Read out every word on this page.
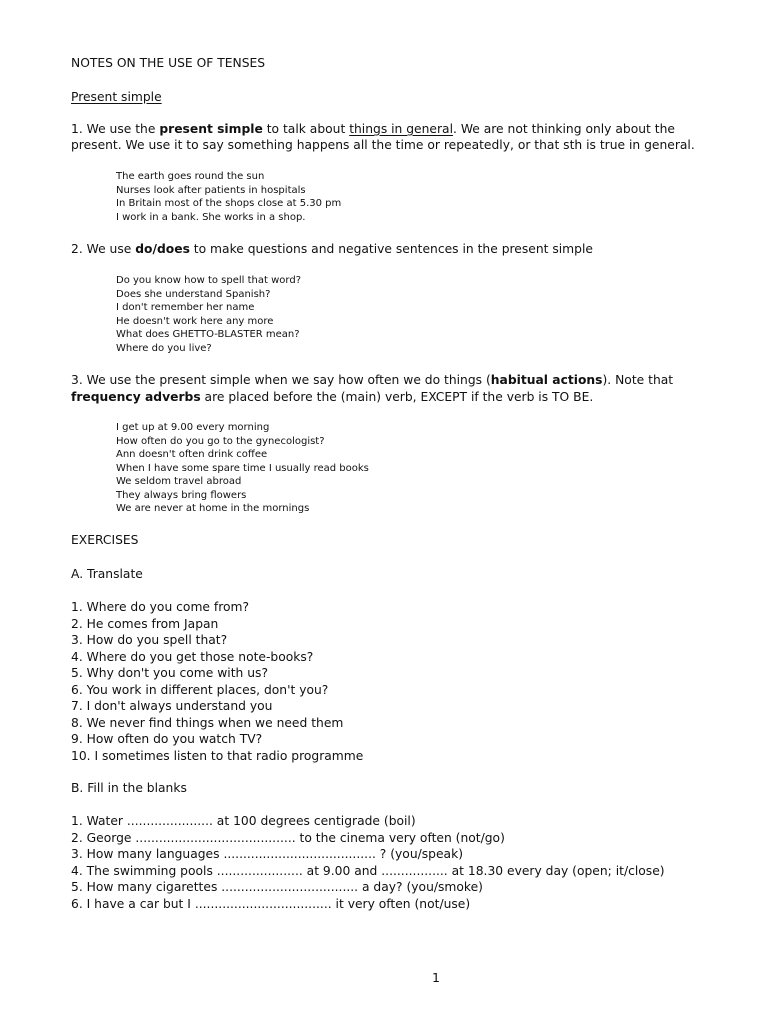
NOTES ON THE USE OF TENSES

Present simple

1. We use the present simple to talk about things in general. We are not thinking only about the

present. We use it to say something happens all the time or repeatedly, or that sth is true in general.

The earth goes round the sun

Nurses look after patients in hospitals

In Britain most of the shops close at 5.30 pm

I work in a bank. She works in a shop.

2. We use do/does to make questions and negative sentences in the present simple

Do you know how to spell that word?

Does she understand Spanish?

I don't remember her name

He doesn't work here any more

What does GHETTO-BLASTER mean?

Where do you live?

3. We use the present simple when we say how often we do things (habitual actions). Note that

frequency adverbs are placed before the (main) verb, EXCEPT if the verb is TO BE.

I get up at 9.00 every morning

How often do you go to the gynecologist?

Ann doesn't often drink coffee

When I have some spare time I usually read books

We seldom travel abroad

They always bring flowers

We are never at home in the mornings

EXERCISES

A. Translate

1. Where do you come from?

2. He comes from Japan

3. How do you spell that?

4. Where do you get those note-books?

5. Why don't you come with us?

6. You work in different places, don't you?

7. I don't always understand you

8. We never find things when we need them

9. How often do you watch TV?

10. I sometimes listen to that radio programme

B. Fill in the blanks

1. Water ...................... at 100 degrees centigrade (boil)

2. George ......................................... to the cinema very often (not/go)

3. How many languages ....................................... ? (you/speak)

4. The swimming pools ...................... at 9.00 and ................. at 18.30 every day (open; it/close)

5. How many cigarettes ................................... a day? (you/smoke)

6. I have a car but I ................................... it very often (not/use)

1
